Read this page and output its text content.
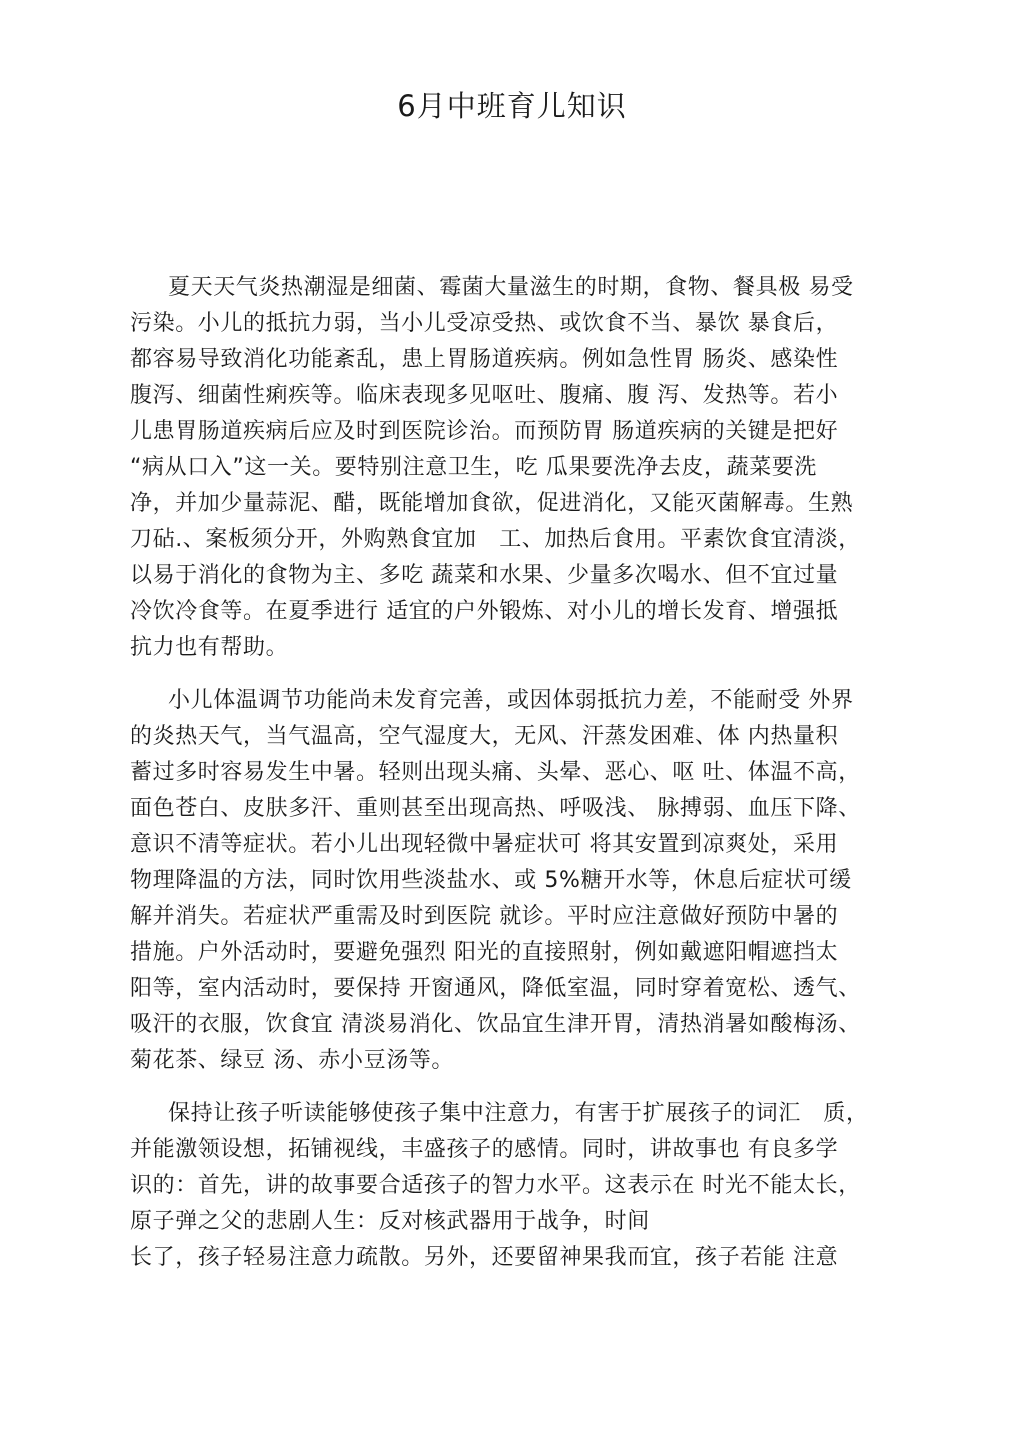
6月中班育儿知识

夏天天气炎热潮湿是细菌、霉菌大量滋生的时期，食物、餐具极 易受
污染。小儿的抵抗力弱，当小儿受凉受热、或饮食不当、暴饮 暴食后，
都容易导致消化功能紊乱，患上胃肠道疾病。例如急性胃 肠炎、感染性
腹泻、细菌性痢疾等。临床表现多见呕吐、腹痛、腹 泻、发热等。若小
儿患胃肠道疾病后应及时到医院诊治。而预防胃 肠道疾病的关键是把好
“病从口入”这一关。要特别注意卫生，吃 瓜果要洗净去皮，蔬菜要洗
净，并加少量蒜泥、醋，既能增加食欲，促进消化，又能灭菌解毒。生熟
刀砧.、案板须分开，外购熟食宜加　工、加热后食用。平素饮食宜清淡，
以易于消化的食物为主、多吃 蔬菜和水果、少量多次喝水、但不宜过量
冷饮冷食等。在夏季进行 适宜的户外锻炼、对小儿的增长发育、增强抵
抗力也有帮助。

小儿体温调节功能尚未发育完善，或因体弱抵抗力差，不能耐受 外界
的炎热天气，当气温高，空气湿度大，无风、汗蒸发困难、体 内热量积
蓄过多时容易发生中暑。轻则出现头痛、头晕、恶心、呕 吐、体温不高，
面色苍白、皮肤多汗、重则甚至出现高热、呼吸浅、 脉搏弱、血压下降、
意识不清等症状。若小儿出现轻微中暑症状可 将其安置到凉爽处，采用
物理降温的方法，同时饮用些淡盐水、或 5%糖开水等，休息后症状可缓
解并消失。若症状严重需及时到医院 就诊。平时应注意做好预防中暑的
措施。户外活动时，要避免强烈 阳光的直接照射，例如戴遮阳帽遮挡太
阳等，室内活动时，要保持 开窗通风，降低室温，同时穿着宽松、透气、
吸汗的衣服，饮食宜 清淡易消化、饮品宜生津开胃，清热消暑如酸梅汤、
菊花茶、绿豆 汤、赤小豆汤等。

保持让孩子听读能够使孩子集中注意力，有害于扩展孩子的词汇　质，
并能激领设想，拓铺视线，丰盛孩子的感情。同时，讲故事也 有良多学
识的：首先，讲的故事要合适孩子的智力水平。这表示在 时光不能太长，
原子弹之父的悲剧人生：反对核武器用于战争，时间
长了，孩子轻易注意力疏散。另外，还要留神果我而宜，孩子若能 注意
